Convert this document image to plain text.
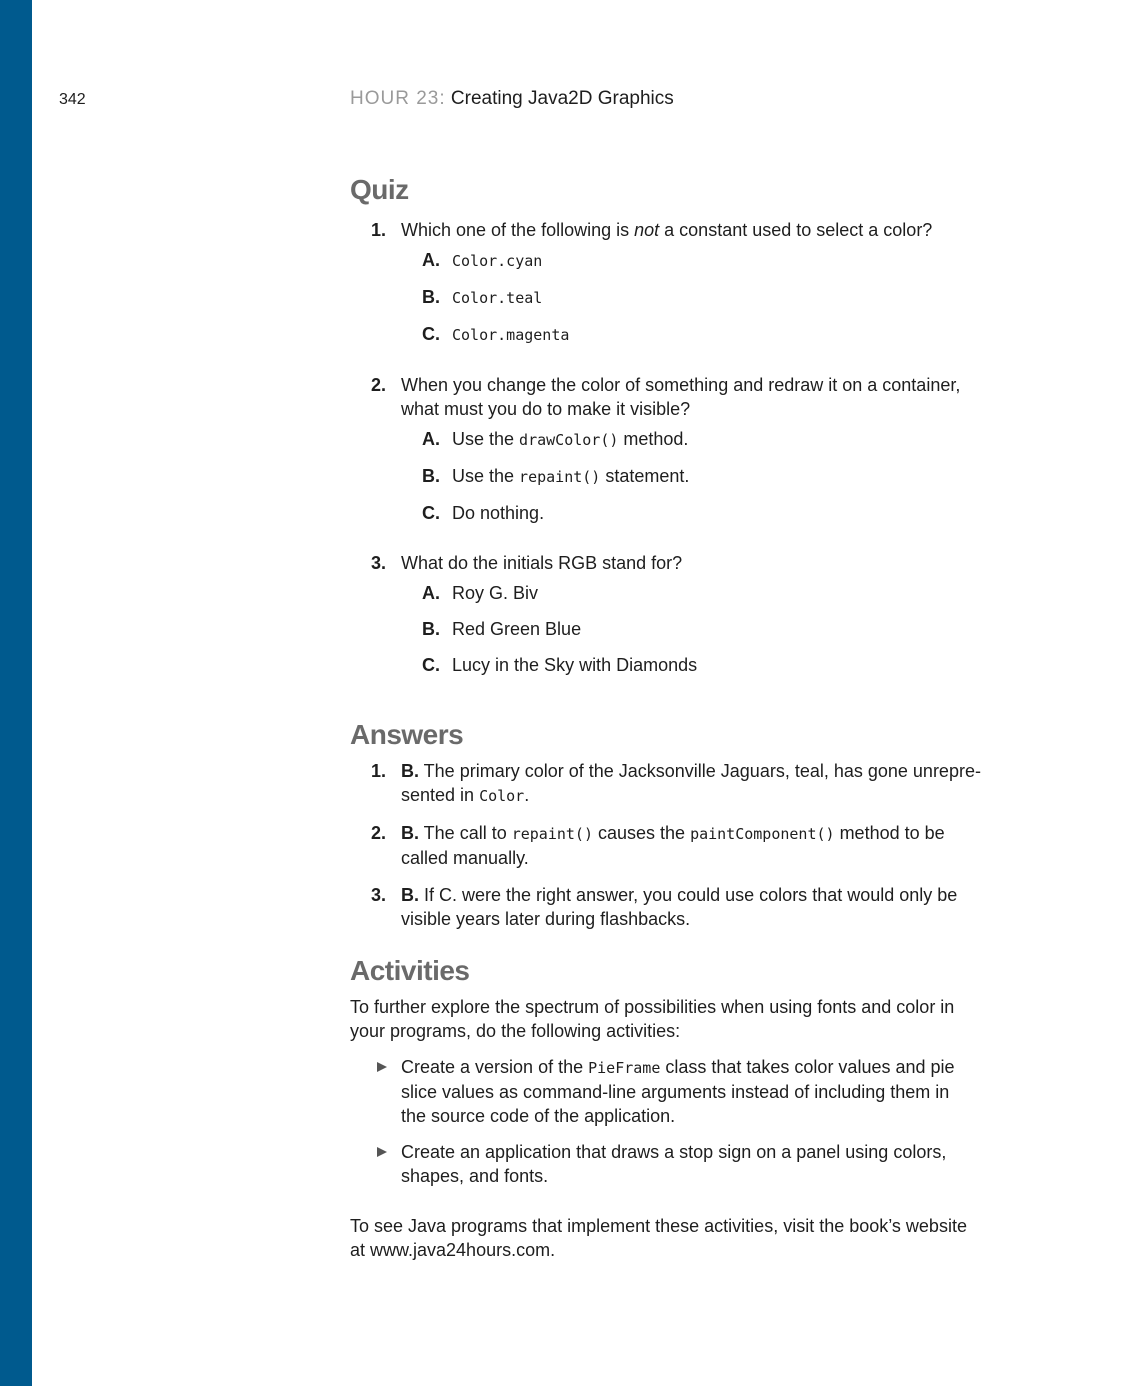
342	HOUR 23: Creating Java2D Graphics
Quiz
1. Which one of the following is not a constant used to select a color?
A. Color.cyan
B. Color.teal
C. Color.magenta
2. When you change the color of something and redraw it on a container,
what must you do to make it visible?
A. Use the drawColor() method.
B. Use the repaint() statement.
C. Do nothing.
3. What do the initials RGB stand for?
A. Roy G. Biv
B. Red Green Blue
C. Lucy in the Sky with Diamonds
Answers
1. B. The primary color of the Jacksonville Jaguars, teal, has gone unrepre-
sented in Color.
2. B. The call to repaint() causes the paintComponent() method to be
called manually.
3. B. If C. were the right answer, you could use colors that would only be
visible years later during flashbacks.
Activities

To further explore the spectrum of possibilities when using fonts and color in
your programs, do the following activities:

Create a version of the PieFrame class that takes color values and pie
slice values as command-line arguments instead of including them in
the source code of the application.
Create an application that draws a stop sign on a panel using colors,
shapes, and fonts.

To see Java programs that implement these activities, visit the book’s website
at www.java24hours.com.
